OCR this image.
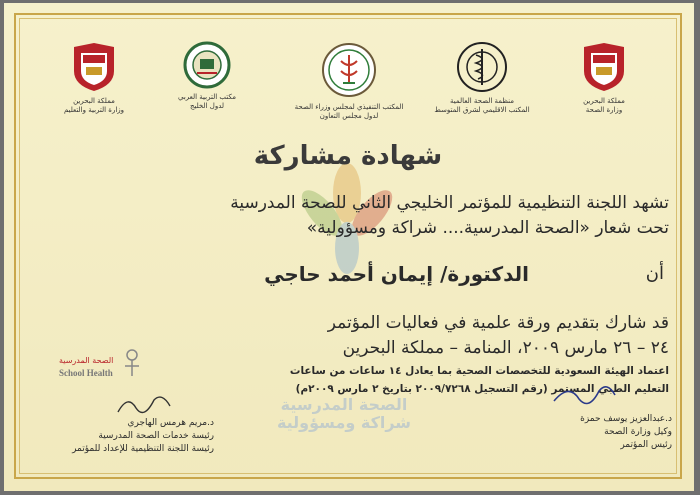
مملكة البحرين
وزارة الصحة
منظمة الصحة العالمية
المكتب الاقليمي لشرق المتوسط
المكتب التنفيذي لمجلس وزراء الصحة
لدول مجلس التعاون
مكتب التربية العربي
لدول الخليج
مملكة البحرين
وزارة التربية والتعليم
شهادة مشاركة
تشهد اللجنة التنظيمية للمؤتمر الخليجي الثاني للصحة المدرسية
تحت شعار «الصحة المدرسية.... شراكة ومسؤولية»
أن
الدكتورة/ إيمان أحمد حاجي
قد شارك بتقديم ورقة علمية في فعاليات المؤتمر
٢٤ – ٢٦ مارس ٢٠٠٩، المنامة – مملكة البحرين
اعتماد الهيئة السعودية للتخصصات الصحية بما يعادل ١٤ ساعات من ساعات
التعليم الطبي المستمر (رقم التسجيل ٢٠٠٩/٧٢٦٨ بتاريخ ٢ مارس ٢٠٠٩م)
الصحة المدرسية
School Health
الصحة المدرسية
شراكة ومسؤولية	د.عبدالعزيز يوسف حمزة
وكيل وزارة الصحة
رئيس المؤتمر
د.مريم هرمس الهاجري
رئيسة خدمات الصحة المدرسية
رئيسة اللجنة التنظيمية للإعداد للمؤتمر
